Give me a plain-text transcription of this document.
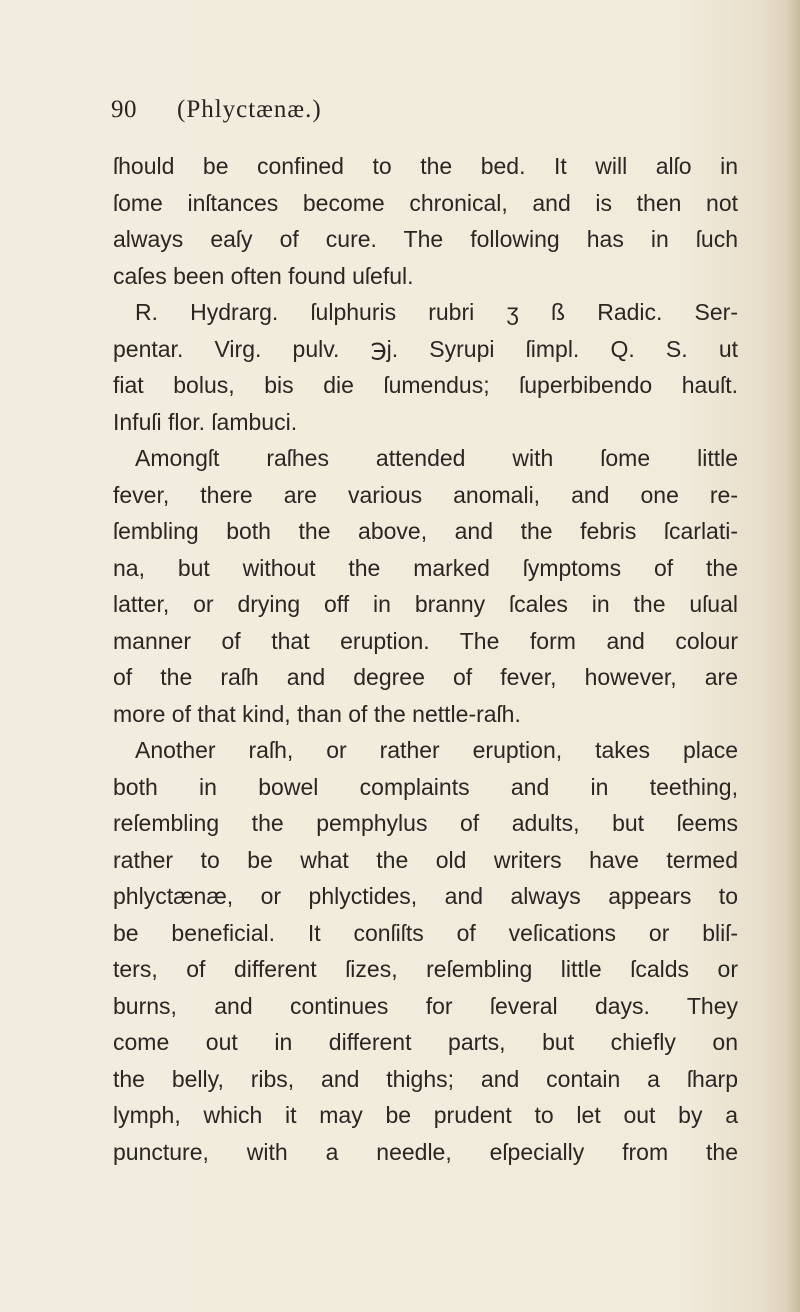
90 (Phlyctænæ.)
ſhould be confined to the bed. It will alſo in
ſome inſtances become chronical, and is then not
always eaſy of cure. The following has in ſuch
caſes been often found uſeful.
R. Hydrarg. ſulphuris rubri ʒ ß Radic. Ser-
pentar. Virg. pulv. ℈j. Syrupi ſimpl. Q. S. ut
fiat bolus, bis die ſumendus; ſuperbibendo hauſt.
Infuſi flor. ſambuci.
Amongſt raſhes attended with ſome little
fever, there are various anomali, and one re-
ſembling both the above, and the febris ſcarlati-
na, but without the marked ſymptoms of the
latter, or drying off in branny ſcales in the uſual
manner of that eruption. The form and colour
of the raſh and degree of fever, however, are
more of that kind, than of the nettle-raſh.
Another raſh, or rather eruption, takes place
both in bowel complaints and in teething,
reſembling the pemphylus of adults, but ſeems
rather to be what the old writers have termed
phlyctænæ, or phlyctides, and always appears to
be beneficial. It conſiſts of veſications or bliſ-
ters, of different ſizes, reſembling little ſcalds or
burns, and continues for ſeveral days. They
come out in different parts, but chiefly on
the belly, ribs, and thighs; and contain a ſharp
lymph, which it may be prudent to let out by a
puncture, with a needle, eſpecially from the
